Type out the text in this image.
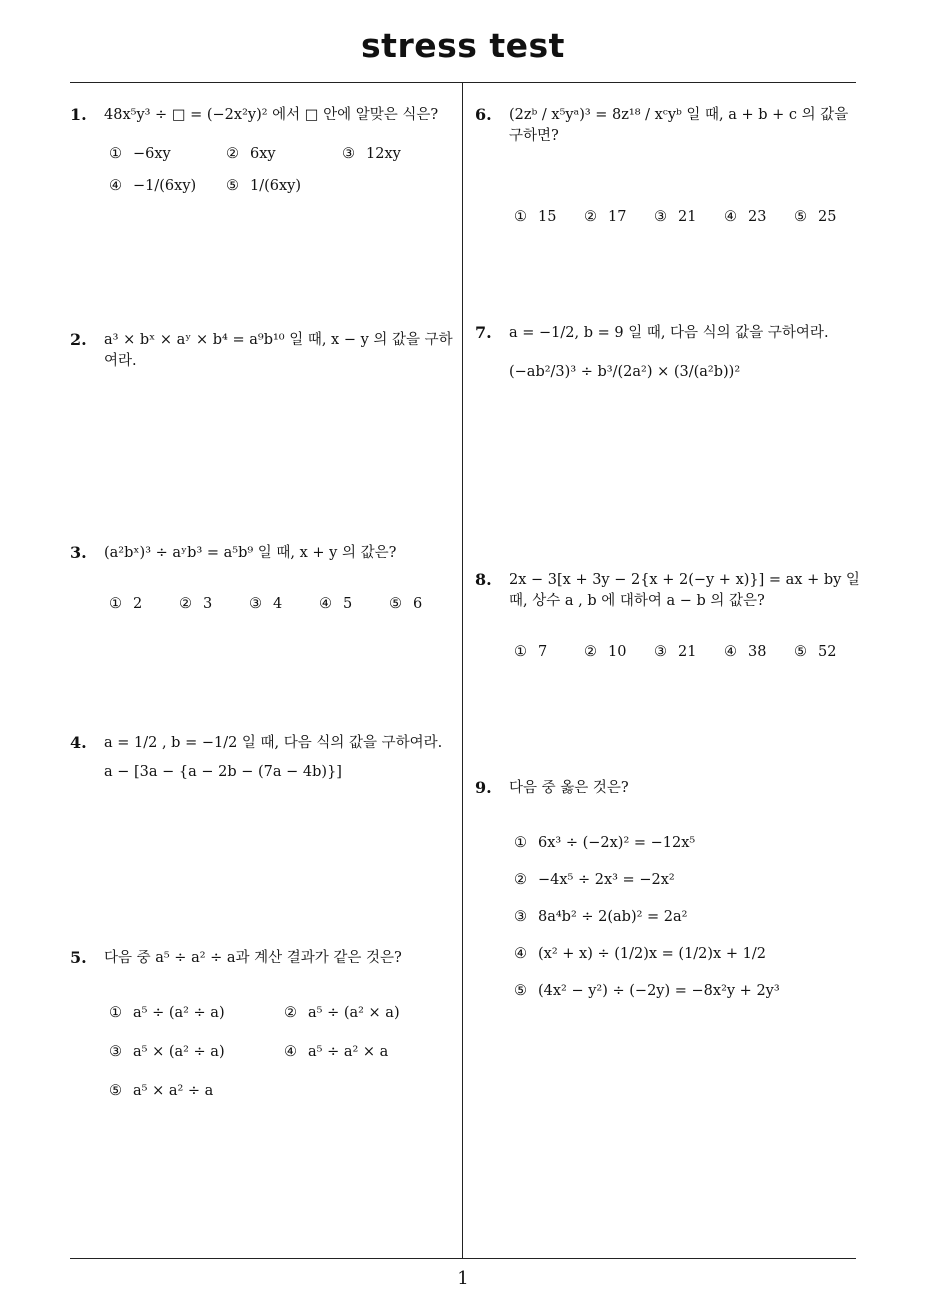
stress test
1. 48x⁵y³ ÷ □ = (−2x²y)² 에서 □ 안에 알맞은 식은?
① −6xy	② 6xy	③ 12xy
④ −1/(6xy) ⑤ 1/(6xy)
2. a³ × bˣ × aʸ × b⁴ = a⁹b¹⁰ 일 때, x − y 의 값을 구하여라.
3. (a²bˣ)³ ÷ aʸb³ = a⁵b⁹ 일 때, x + y 의 값은?
① 2	② 3	③ 4	④ 5	⑤ 6
4. a = 1/2 , b = −1/2 일 때, 다음 식의 값을 구하여라.
a − [3a − {a − 2b − (7a − 4b)}]
5. 다음 중 a⁵ ÷ a² ÷ a과 계산 결과가 같은 것은?
① a⁵ ÷ (a² ÷ a)	② a⁵ ÷ (a² × a)
③ a⁵ × (a² ÷ a)	④ a⁵ ÷ a² × a
⑤ a⁵ × a² ÷ a
6. (2zᵇ / x⁵yᵃ)³ = 8z¹⁸ / xᶜyᵇ 일 때, a + b + c 의 값을 구하면?
① 15 ② 17 ③ 21 ④ 23 ⑤ 25
7. a = −1/2, b = 9 일 때, 다음 식의 값을 구하여라.
(−ab²/3)³ ÷ b³/(2a²) × (3/(a²b))²
8. 2x − 3[x + 3y − 2{x + 2(−y + x)}] = ax + by 일 때, 상수 a , b 에 대하여 a − b 의 값은?
① 7	② 10 ③ 21 ④ 38 ⑤ 52
9. 다음 중 옳은 것은?
① 6x³ ÷ (−2x)² = −12x⁵
② −4x⁵ ÷ 2x³ = −2x²
③ 8a⁴b² ÷ 2(ab)² = 2a²
④ (x² + x) ÷ (1/2)x = (1/2)x + 1/2
⑤ (4x² − y²) ÷ (−2y) = −8x²y + 2y³
1
